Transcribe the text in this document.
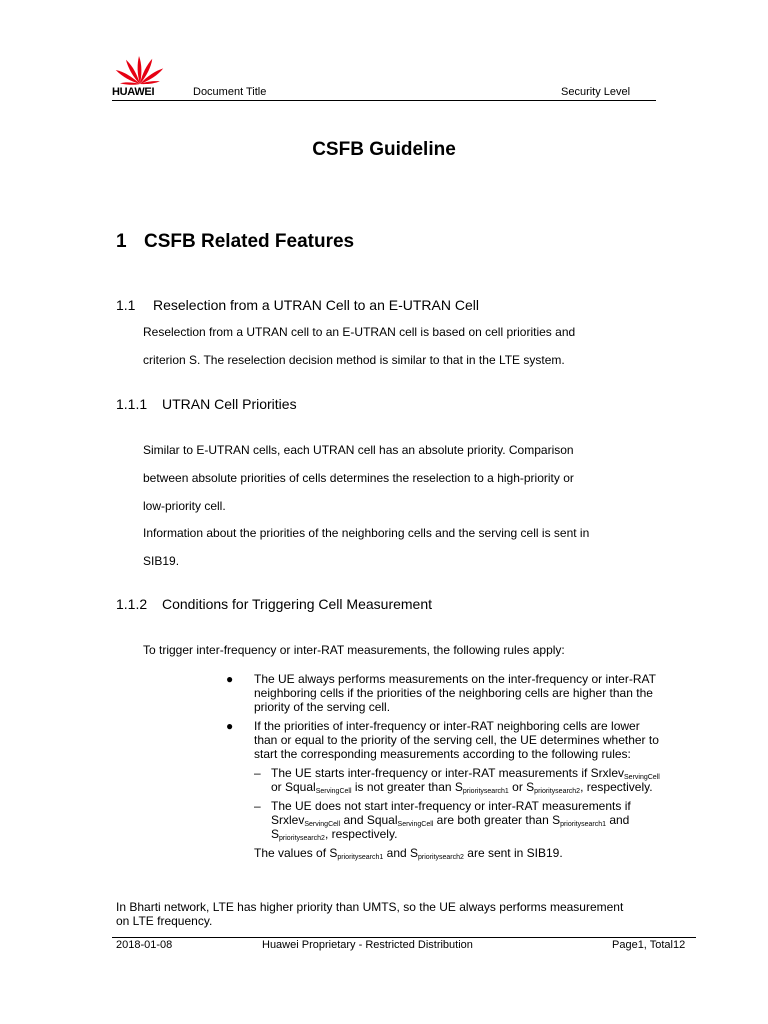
HUAWEI	Document Title	Security Level
CSFB Guideline
1 CSFB Related Features
1.1 Reselection from a UTRAN Cell to an E-UTRAN Cell
Reselection from a UTRAN cell to an E-UTRAN cell is based on cell priorities and
criterion S. The reselection decision method is similar to that in the LTE system.
1.1.1 UTRAN Cell Priorities
Similar to E-UTRAN cells, each UTRAN cell has an absolute priority. Comparison
between absolute priorities of cells determines the reselection to a high-priority or
low-priority cell.
Information about the priorities of the neighboring cells and the serving cell is sent in
SIB19.
1.1.2 Conditions for Triggering Cell Measurement
To trigger inter-frequency or inter-RAT measurements, the following rules apply:
● The UE always performs measurements on the inter-frequency or inter-RAT neighboring cells if the priorities of the neighboring cells are higher than the priority of the serving cell.
● If the priorities of inter-frequency or inter-RAT neighboring cells are lower than or equal to the priority of the serving cell, the UE determines whether to start the corresponding measurements according to the following rules:
– The UE starts inter-frequency or inter-RAT measurements if Srxlev$_{ServingCell}$ or Squal$_{ServingCell}$ is not greater than $S_{prioritysearch1}$ or $S_{prioritysearch2}$, respectively.
– The UE does not start inter-frequency or inter-RAT measurements if Srxlev$_{ServingCell}$ and Squal$_{ServingCell}$ are both greater than $S_{prioritysearch1}$ and $S_{prioritysearch2}$, respectively.
The values of $S_{prioritysearch1}$ and $S_{prioritysearch2}$ are sent in SIB19.
In Bharti network, LTE has higher priority than UMTS, so the UE always performs measurement on LTE frequency.
2018-01-08	Huawei Proprietary - Restricted Distribution	Page1, Total12
